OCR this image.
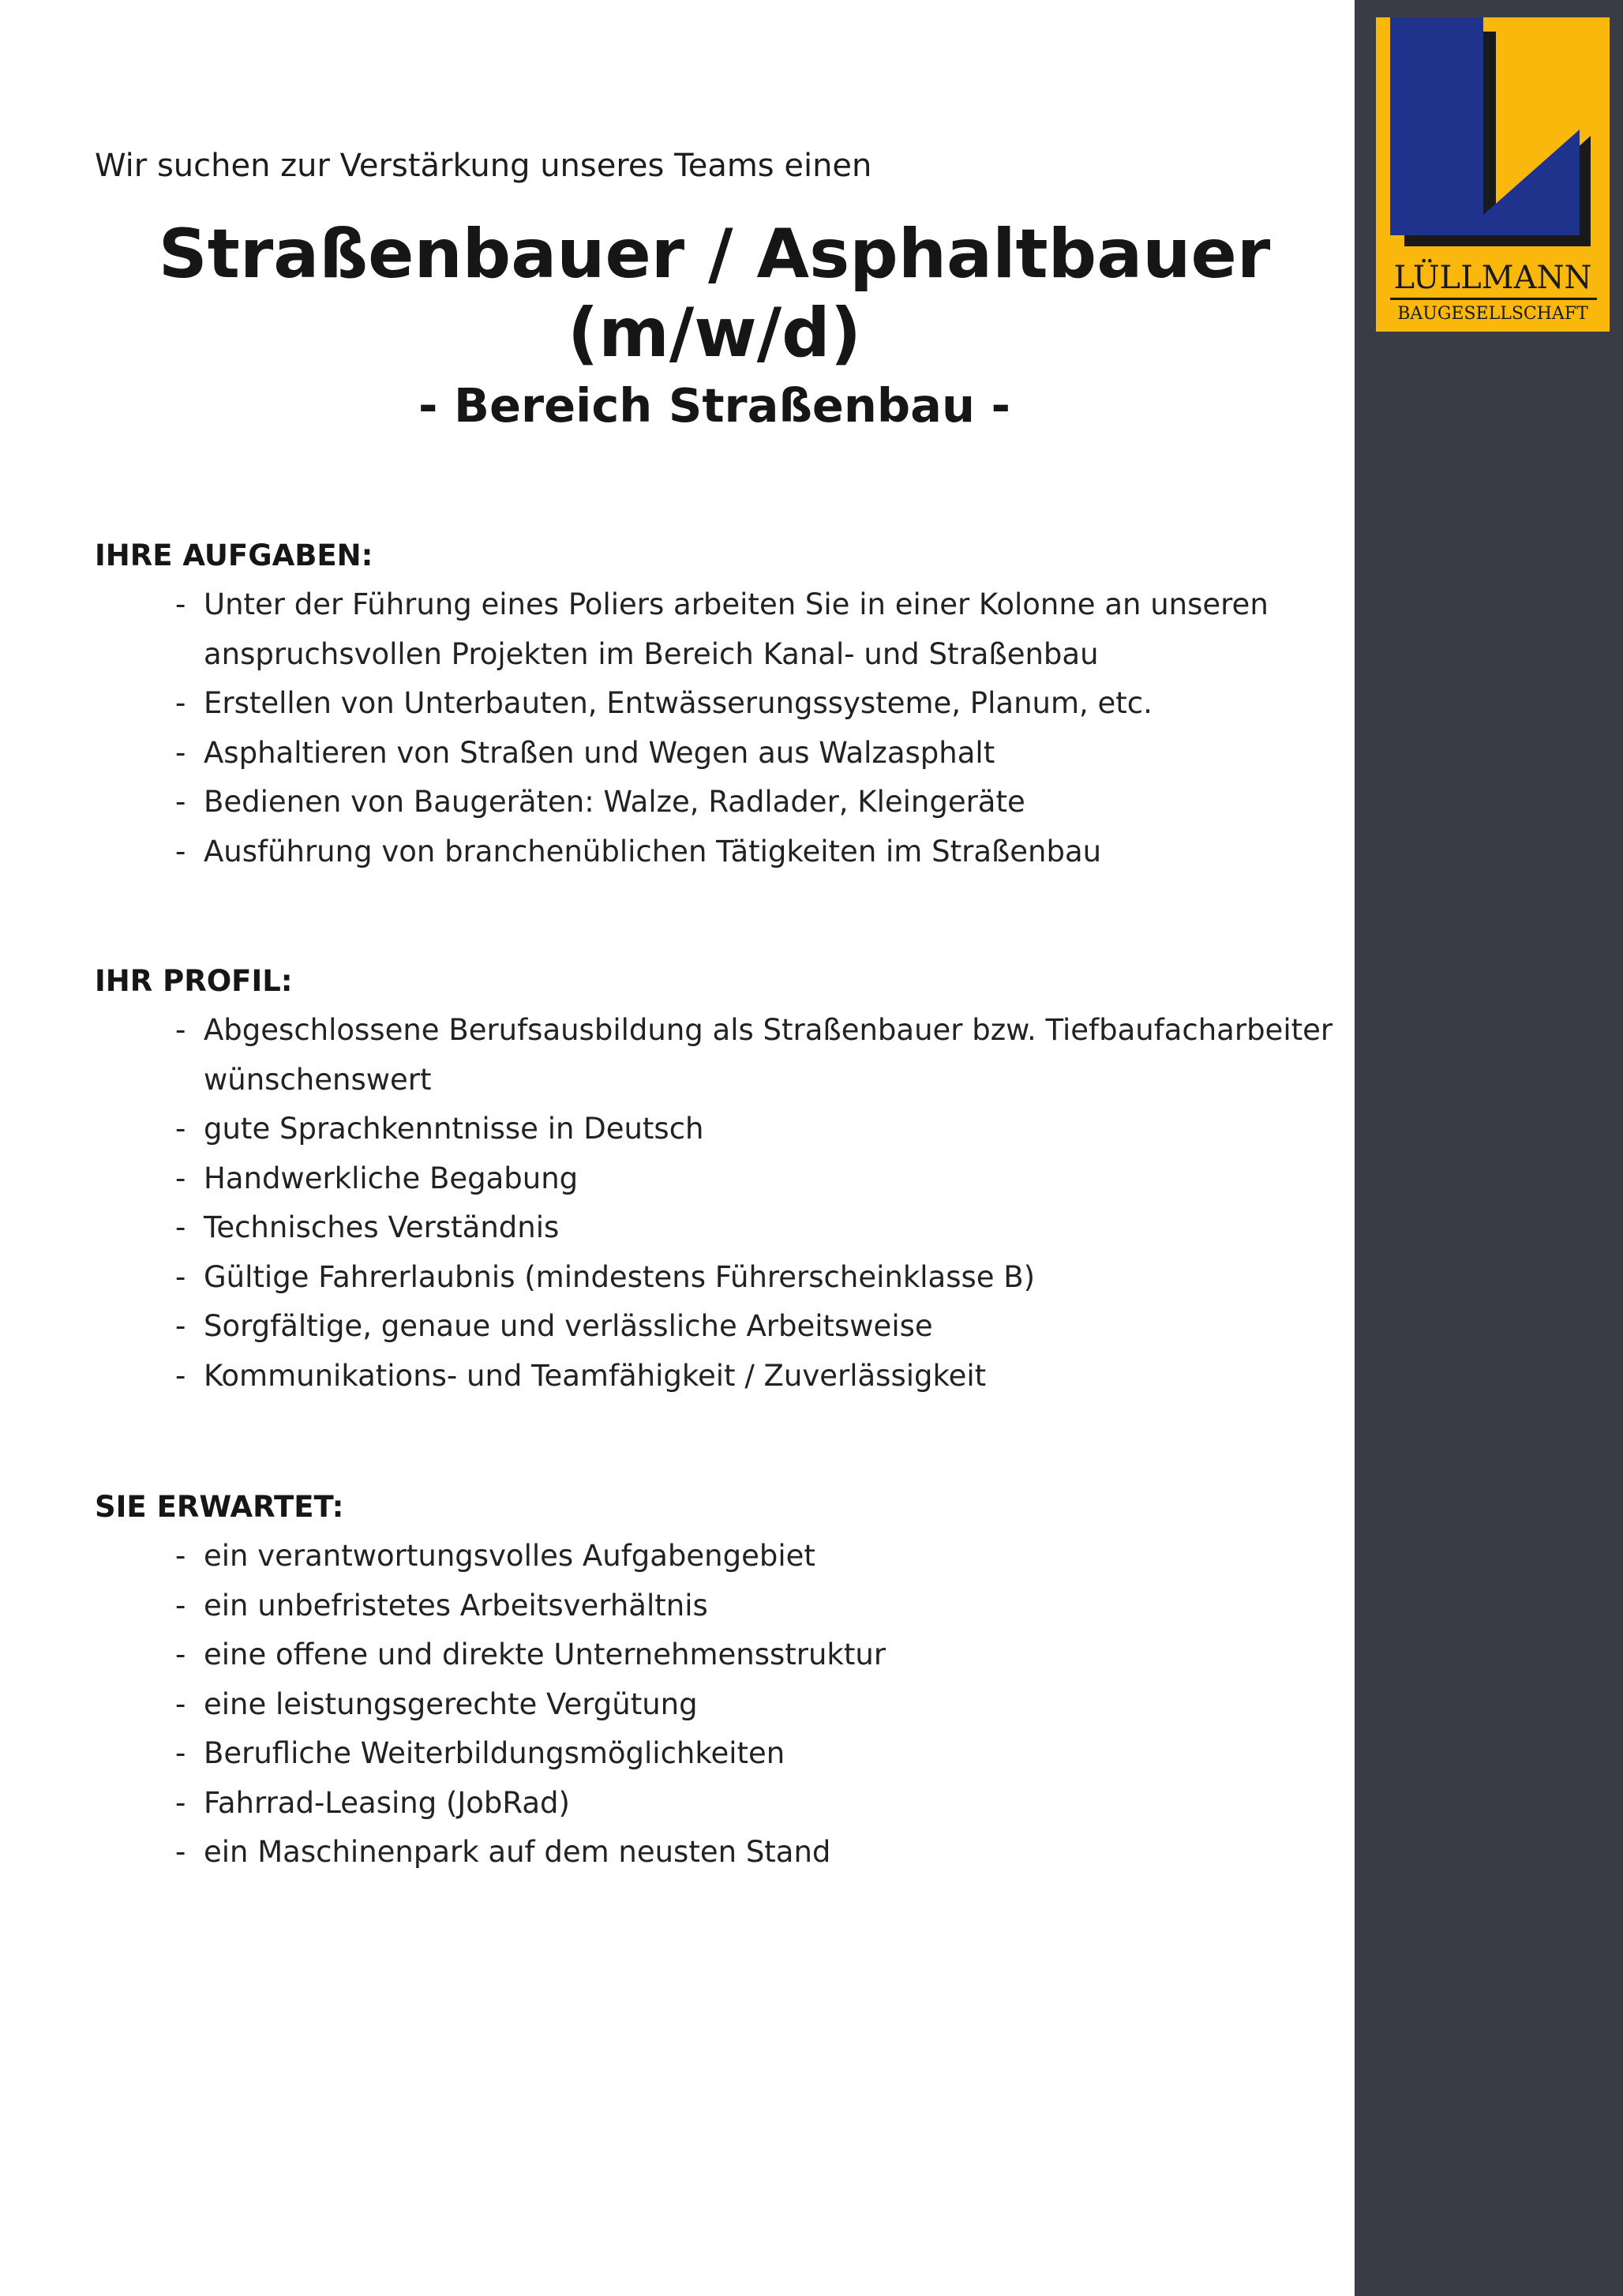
Wir suchen zur Verstärkung unseres Teams einen

Straßenbauer / Asphaltbauer (m/w/d)
- Bereich Straßenbau -
IHRE AUFGABEN:
- Unter der Führung eines Poliers arbeiten Sie in einer Kolonne an unseren anspruchsvollen Projekten im Bereich Kanal- und Straßenbau
- Erstellen von Unterbauten, Entwässerungssysteme, Planum, etc.
- Asphaltieren von Straßen und Wegen aus Walzasphalt
- Bedienen von Baugeräten: Walze, Radlader, Kleingeräte
- Ausführung von branchenüblichen Tätigkeiten im Straßenbau
IHR PROFIL:
- Abgeschlossene Berufsausbildung als Straßenbauer bzw. Tiefbaufacharbeiter wünschenswert
- gute Sprachkenntnisse in Deutsch
- Handwerkliche Begabung
- Technisches Verständnis
- Gültige Fahrerlaubnis (mindestens Führerscheinklasse B)
- Sorgfältige, genaue und verlässliche Arbeitsweise
- Kommunikations- und Teamfähigkeit / Zuverlässigkeit
SIE ERWARTET:
- ein verantwortungsvolles Aufgabengebiet
- ein unbefristetes Arbeitsverhältnis
- eine offene und direkte Unternehmensstruktur
- eine leistungsgerechte Vergütung
- Berufliche Weiterbildungsmöglichkeiten
- Fahrrad-Leasing (JobRad)
- ein Maschinenpark auf dem neusten Stand
LÜLLMANN
BAUGESELLSCHAFT
